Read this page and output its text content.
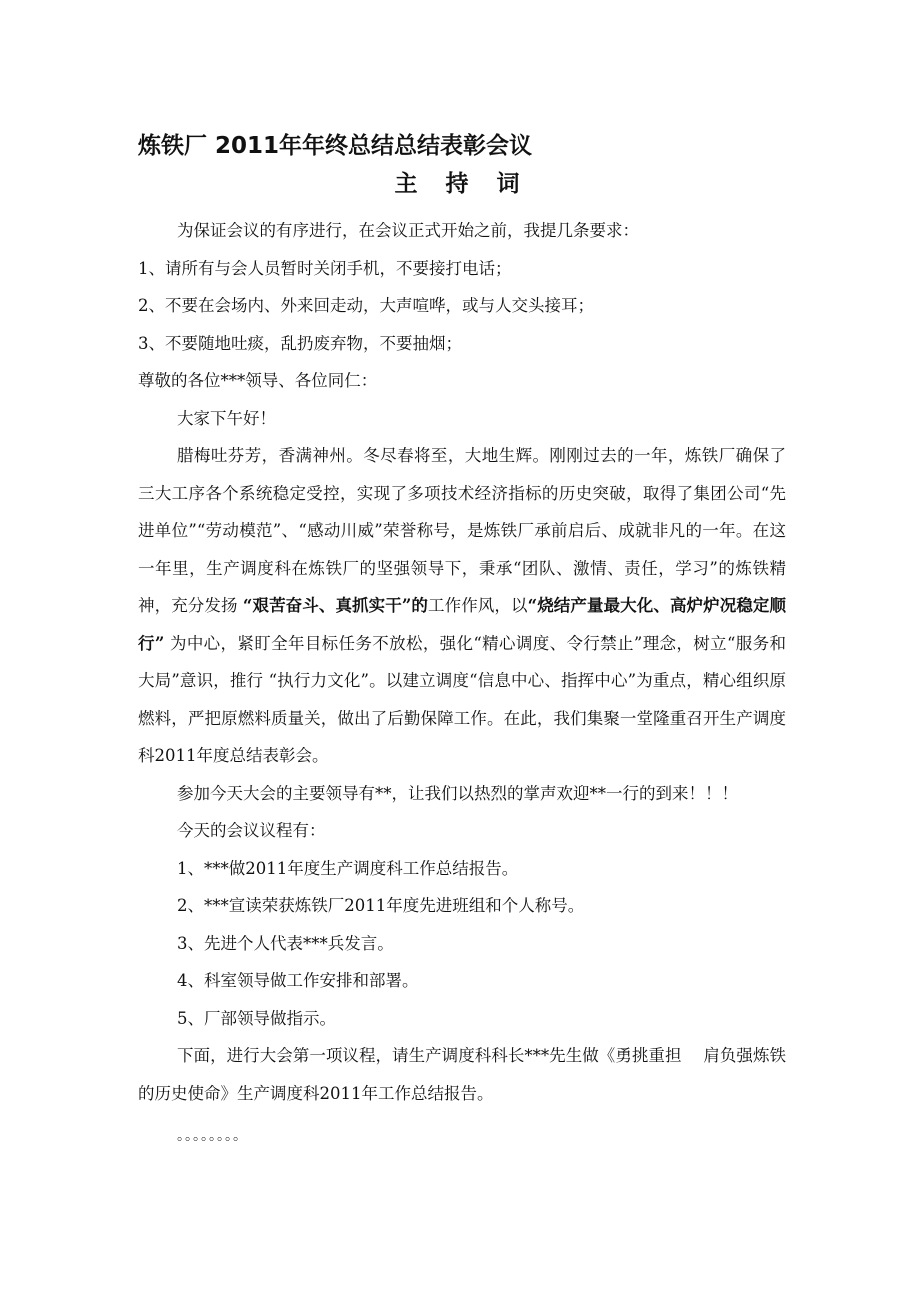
炼铁厂 2011年年终总结总结表彰会议
主 持 词
为保证会议的有序进行，在会议正式开始之前，我提几条要求：
1、请所有与会人员暂时关闭手机，不要接打电话；
2、不要在会场内、外来回走动，大声喧哗，或与人交头接耳；
3、不要随地吐痰，乱扔废弃物，不要抽烟；
尊敬的各位***领导、各位同仁：
大家下午好！

腊梅吐芬芳，香满神州。冬尽春将至，大地生辉。刚刚过去的一年，炼铁厂确保了三大工序各个系统稳定受控，实现了多项技术经济指标的历史突破，取得了集团公司“先进单位”“劳动模范”、“感动川威”荣誉称号，是炼铁厂承前启后、成就非凡的一年。在这一年里，生产调度科在炼铁厂的坚强领导下，秉承“团队、激情、责任，学习”的炼铁精神，充分发扬 “艰苦奋斗、真抓实干”的工作作风，以“烧结产量最大化、高炉炉况稳定顺行” 为中心，紧盯全年目标任务不放松，强化“精心调度、令行禁止”理念，树立“服务和大局”意识，推行 “执行力文化”。以建立调度“信息中心、指挥中心”为重点，精心组织原燃料，严把原燃料质量关，做出了后勤保障工作。在此，我们集聚一堂隆重召开生产调度科2011年度总结表彰会。

参加今天大会的主要领导有**，让我们以热烈的掌声欢迎**一行的到来！！！
今天的会议议程有：
1、***做2011年度生产调度科工作总结报告。
2、***宣读荣获炼铁厂2011年度先进班组和个人称号。
3、先进个人代表***兵发言。
4、科室领导做工作安排和部署。
5、厂部领导做指示。

下面，进行大会第一项议程，请生产调度科科长***先生做《勇挑重担　 肩负强炼铁的历史使命》生产调度科2011年工作总结报告。

。。。。。。。。
